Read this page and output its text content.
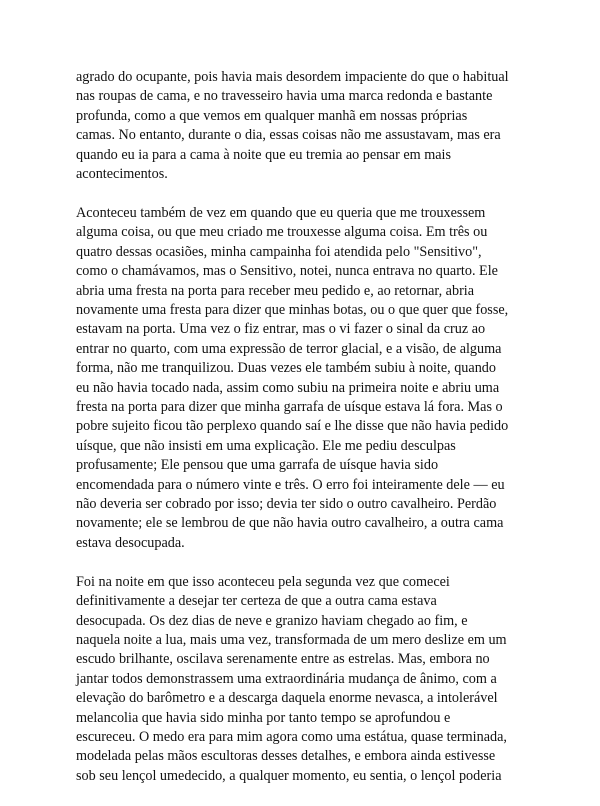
agrado do ocupante, pois havia mais desordem impaciente do que o habitual
nas roupas de cama, e no travesseiro havia uma marca redonda e bastante
profunda, como a que vemos em qualquer manhã em nossas próprias
camas. No entanto, durante o dia, essas coisas não me assustavam, mas era
quando eu ia para a cama à noite que eu tremia ao pensar em mais
acontecimentos.

Aconteceu também de vez em quando que eu queria que me trouxessem
alguma coisa, ou que meu criado me trouxesse alguma coisa. Em três ou
quatro dessas ocasiões, minha campainha foi atendida pelo "Sensitivo",
como o chamávamos, mas o Sensitivo, notei, nunca entrava no quarto. Ele
abria uma fresta na porta para receber meu pedido e, ao retornar, abria
novamente uma fresta para dizer que minhas botas, ou o que quer que fosse,
estavam na porta. Uma vez o fiz entrar, mas o vi fazer o sinal da cruz ao
entrar no quarto, com uma expressão de terror glacial, e a visão, de alguma
forma, não me tranquilizou. Duas vezes ele também subiu à noite, quando
eu não havia tocado nada, assim como subiu na primeira noite e abriu uma
fresta na porta para dizer que minha garrafa de uísque estava lá fora. Mas o
pobre sujeito ficou tão perplexo quando saí e lhe disse que não havia pedido
uísque, que não insisti em uma explicação. Ele me pediu desculpas
profusamente; Ele pensou que uma garrafa de uísque havia sido
encomendada para o número vinte e três. O erro foi inteiramente dele — eu
não deveria ser cobrado por isso; devia ter sido o outro cavalheiro. Perdão
novamente; ele se lembrou de que não havia outro cavalheiro, a outra cama
estava desocupada.

Foi na noite em que isso aconteceu pela segunda vez que comecei
definitivamente a desejar ter certeza de que a outra cama estava
desocupada. Os dez dias de neve e granizo haviam chegado ao fim, e
naquela noite a lua, mais uma vez, transformada de um mero deslize em um
escudo brilhante, oscilava serenamente entre as estrelas. Mas, embora no
jantar todos demonstrassem uma extraordinária mudança de ânimo, com a
elevação do barômetro e a descarga daquela enorme nevasca, a intolerável
melancolia que havia sido minha por tanto tempo se aprofundou e
escureceu. O medo era para mim agora como uma estátua, quase terminada,
modelada pelas mãos escultoras desses detalhes, e embora ainda estivesse
sob seu lençol umedecido, a qualquer momento, eu sentia, o lençol poderia
